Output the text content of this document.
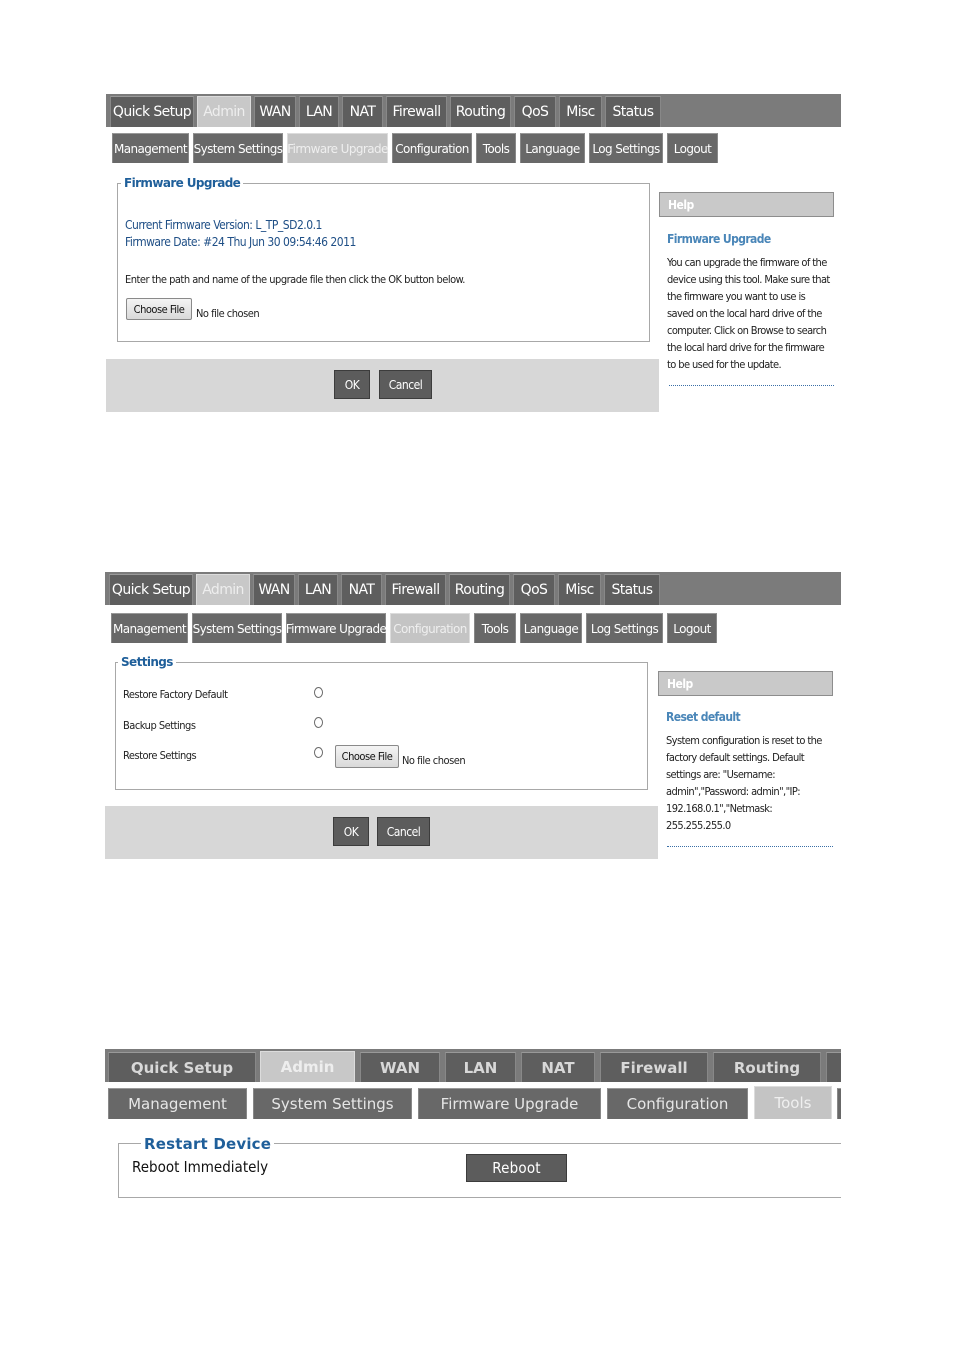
Quick Setup Admin	WAN	LAN	NAT	Firewall	Routing	QoS	Misc	Status
Management System Settings Firmware Upgrade Configuration	Tools	Language	Log Settings	Logout
Firmware Upgrade
Current Firmware Version: L_TP_SD2.0.1
Firmware Date: #24 Thu Jun 30 09:54:46 2011
Enter the path and name of the upgrade file then click the OK button below.
Choose File	No file chosen
OK	Cancel
Help
Firmware Upgrade
You can upgrade the firmware of the
device using this tool. Make sure that
the firmware you want to use is
saved on the local hard drive of the
computer. Click on Browse to search
the local hard drive for the firmware
to be used for the update.
Quick Setup Admin	WAN	LAN	NAT	Firewall	Routing	QoS	Misc	Status
Management System Settings Firmware Upgrade Configuration	Tools	Language	Log Settings	Logout
Settings
Restore Factory Default
Backup Settings
Restore Settings	Choose File No file chosen
OK	Cancel
Help
Reset default
System configuration is reset to the
factory default settings. Default
settings are: "Username:
admin","Password: admin","IP:
192.168.0.1","Netmask:
255.255.255.0
Quick Setup	Admin	WAN	LAN	NAT	Firewall	Routing
Management	System Settings	Firmware Upgrade	Configuration	Tools
Restart Device
Reboot Immediately	Reboot
